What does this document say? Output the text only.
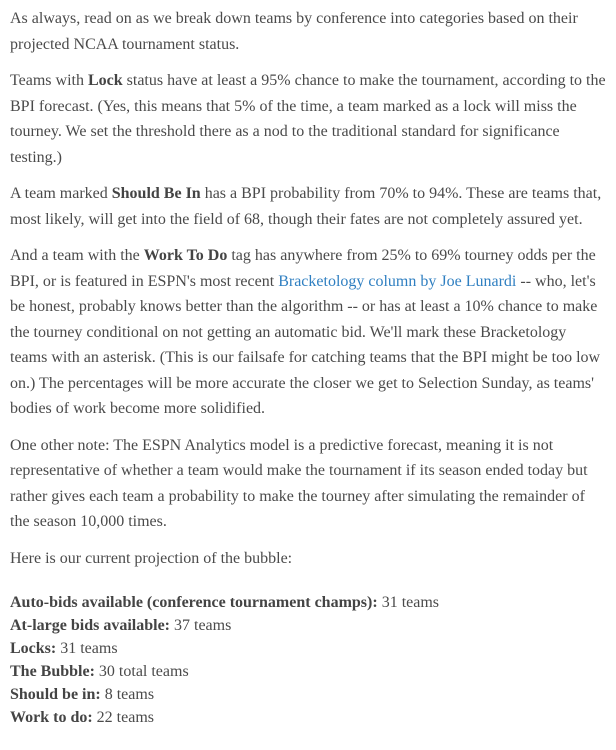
As always, read on as we break down teams by conference into categories based on their projected NCAA tournament status.

Teams with Lock status have at least a 95% chance to make the tournament, according to the BPI forecast. (Yes, this means that 5% of the time, a team marked as a lock will miss the tourney. We set the threshold there as a nod to the traditional standard for significance testing.)

A team marked Should Be In has a BPI probability from 70% to 94%. These are teams that, most likely, will get into the field of 68, though their fates are not completely assured yet.

And a team with the Work To Do tag has anywhere from 25% to 69% tourney odds per the BPI, or is featured in ESPN's most recent Bracketology column by Joe Lunardi -- who, let's be honest, probably knows better than the algorithm -- or has at least a 10% chance to make the tourney conditional on not getting an automatic bid. We'll mark these Bracketology teams with an asterisk. (This is our failsafe for catching teams that the BPI might be too low on.) The percentages will be more accurate the closer we get to Selection Sunday, as teams' bodies of work become more solidified.

One other note: The ESPN Analytics model is a predictive forecast, meaning it is not representative of whether a team would make the tournament if its season ended today but rather gives each team a probability to make the tourney after simulating the remainder of the season 10,000 times.

Here is our current projection of the bubble:

Auto-bids available (conference tournament champs): 31 teams
At-large bids available: 37 teams
Locks: 31 teams
The Bubble: 30 total teams
Should be in: 8 teams
Work to do: 22 teams
